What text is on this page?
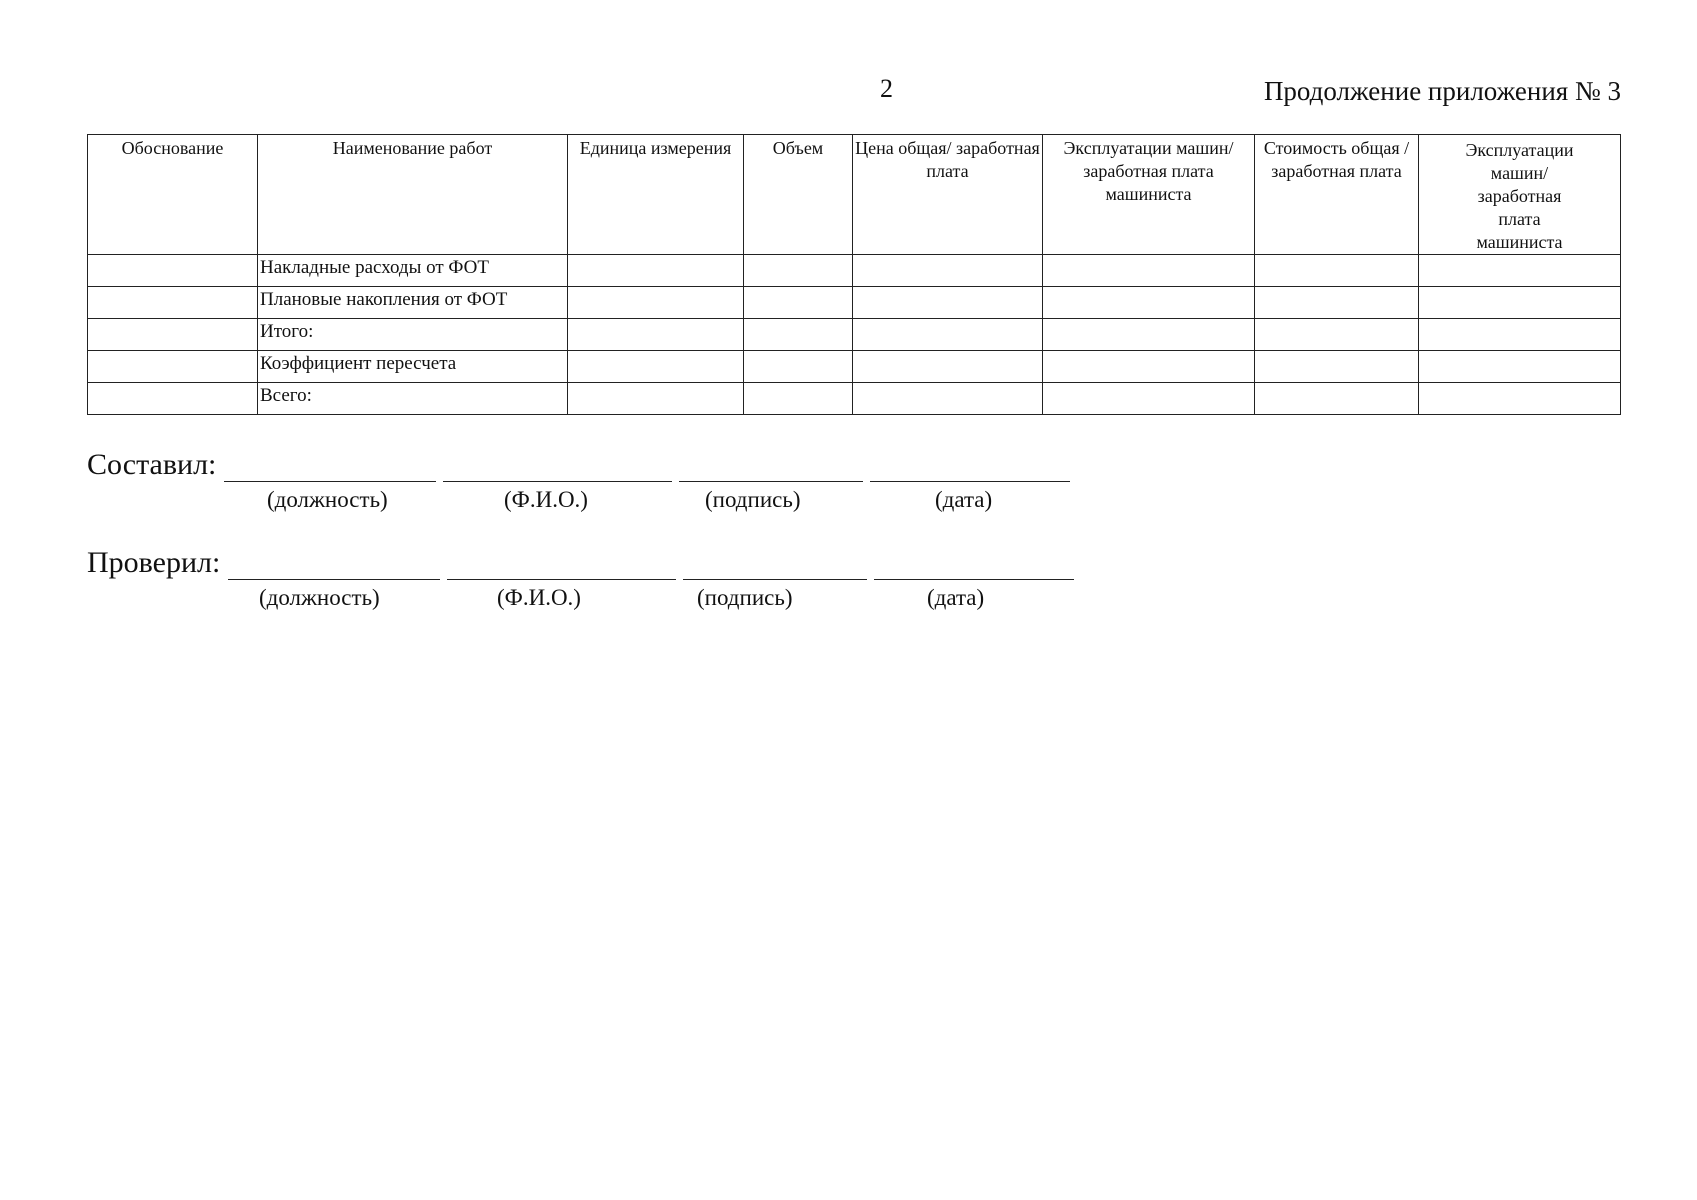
2	Продолжение приложения № 3
Обоснование	Наименование работ	Единица измерения	Объем	Цена общая/ заработная плата	Эксплуатации машин/ заработная плата машиниста	Стоимость общая / заработная плата	Эксплуатации машин/ заработная плата машиниста
	Накладные расходы от ФОТ						
	Плановые накопления от ФОТ						
	Итого:						
	Коэффициент пересчета						
	Всего:						
Составил:
(должность)	(Ф.И.О.)	(подпись)	(дата)
Проверил:
(должность)	(Ф.И.О.)	(подпись)	(дата)
